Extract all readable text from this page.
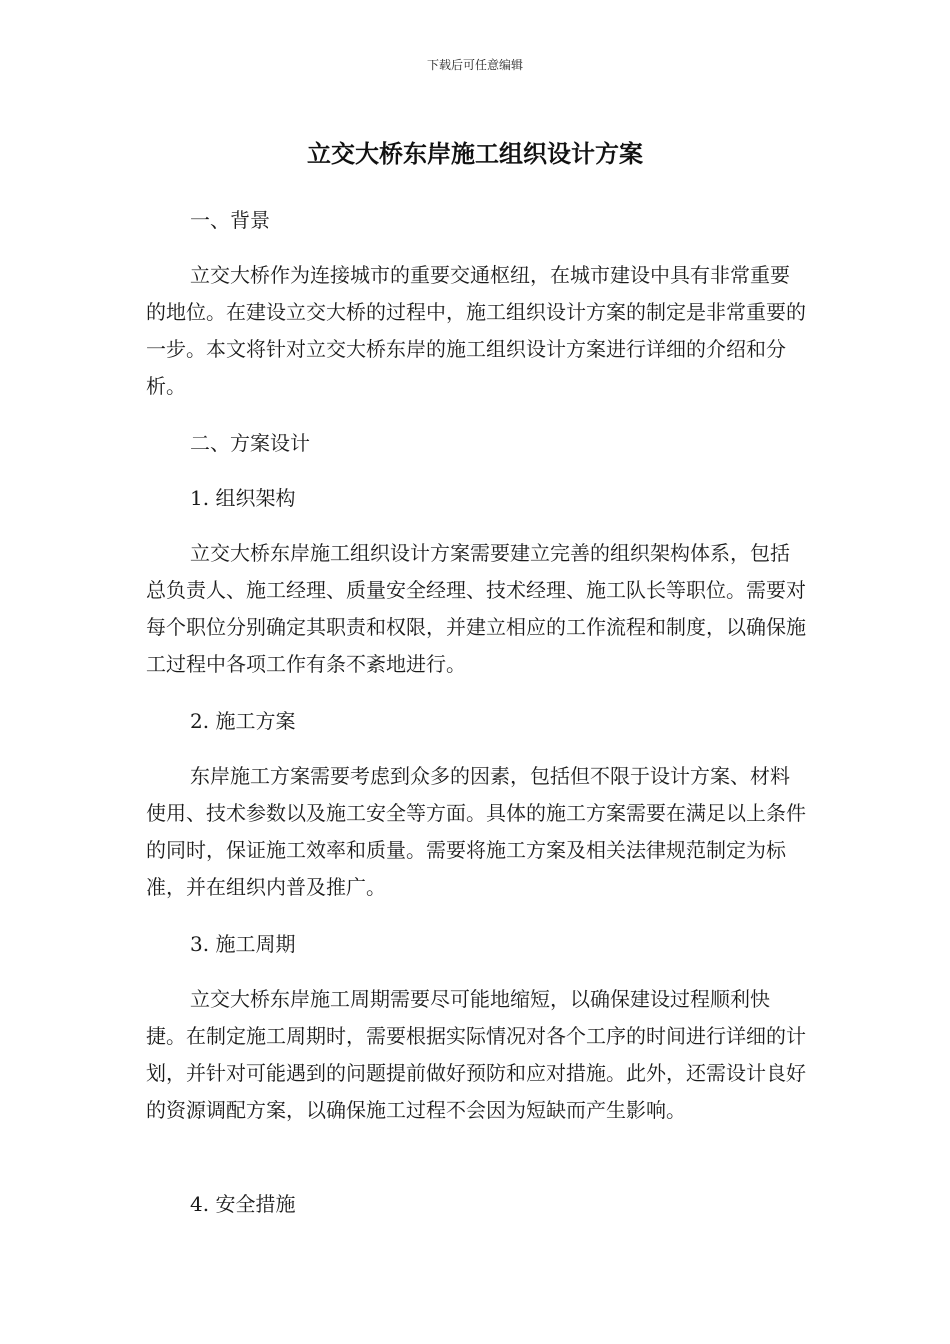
下载后可任意编辑
立交大桥东岸施工组织设计方案
一、背景

立交大桥作为连接城市的重要交通枢纽，在城市建设中具有非常重要的地位。在建设立交大桥的过程中，施工组织设计方案的制定是非常重要的一步。本文将针对立交大桥东岸的施工组织设计方案进行详细的介绍和分析。

二、方案设计
1. 组织架构

立交大桥东岸施工组织设计方案需要建立完善的组织架构体系，包括总负责人、施工经理、质量安全经理、技术经理、施工队长等职位。需要对每个职位分别确定其职责和权限，并建立相应的工作流程和制度，以确保施工过程中各项工作有条不紊地进行。

2. 施工方案

东岸施工方案需要考虑到众多的因素，包括但不限于设计方案、材料使用、技术参数以及施工安全等方面。具体的施工方案需要在满足以上条件的同时，保证施工效率和质量。需要将施工方案及相关法律规范制定为标准，并在组织内普及推广。

3. 施工周期

立交大桥东岸施工周期需要尽可能地缩短，以确保建设过程顺利快捷。在制定施工周期时，需要根据实际情况对各个工序的时间进行详细的计划，并针对可能遇到的问题提前做好预防和应对措施。此外，还需设计良好的资源调配方案，以确保施工过程不会因为短缺而产生影响。

4. 安全措施
